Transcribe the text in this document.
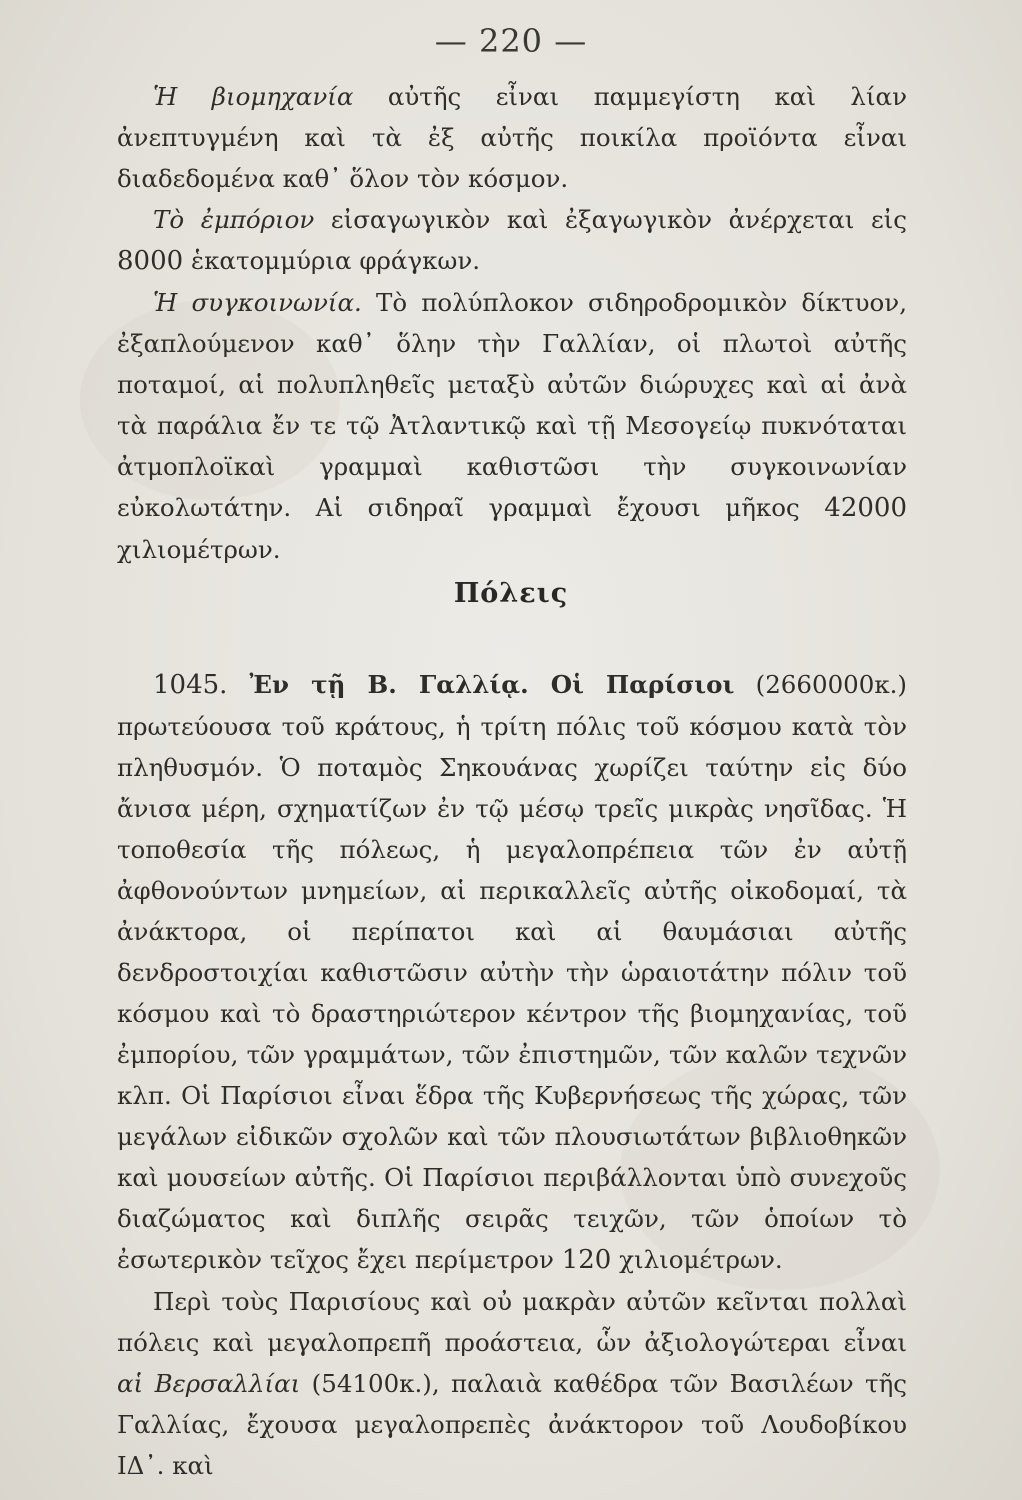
— 220 —

Ἡ βιομηχανία αὐτῆς εἶναι παμμεγίστη καὶ λίαν ἀνεπτυγμένη καὶ τὰ ἐξ αὐτῆς ποικίλα προϊόντα εἶναι διαδεδομένα καθ᾽ ὅλον τὸν κόσμον.

Τὸ ἐμπόριον εἰσαγωγικὸν καὶ ἐξαγωγικὸν ἀνέρχεται εἰς 8000 ἑκατομμύρια φράγκων.

Ἡ συγκοινωνία. Τὸ πολύπλοκον σιδηροδρομικὸν δίκτυον, ἐξαπλούμενον καθ᾽ ὅλην τὴν Γαλλίαν, οἱ πλωτοὶ αὐτῆς ποταμοί, αἱ πολυπληθεῖς μεταξὺ αὐτῶν διώρυχες καὶ αἱ ἀνὰ τὰ παράλια ἔν τε τῷ Ἀτλαντικῷ καὶ τῇ Μεσογείῳ πυκνόταται ἀτμοπλοϊκαὶ γραμμαὶ καθιστῶσι τὴν συγκοινωνίαν εὐκολωτάτην. Αἱ σιδηραῖ γραμμαὶ ἔχουσι μῆκος 42000 χιλιομέτρων.

Πόλεις

1045. Ἐν τῇ Β. Γαλλίᾳ. Οἱ Παρίσιοι (2660000κ.) πρωτεύουσα τοῦ κράτους, ἡ τρίτη πόλις τοῦ κόσμου κατὰ τὸν πληθυσμόν. Ὁ ποταμὸς Σηκουάνας χωρίζει ταύτην εἰς δύο ἄνισα μέρη, σχηματίζων ἐν τῷ μέσῳ τρεῖς μικρὰς νησῖδας. Ἡ τοποθεσία τῆς πόλεως, ἡ μεγαλοπρέπεια τῶν ἐν αὐτῇ ἀφθονούντων μνημείων, αἱ περικαλλεῖς αὐτῆς οἰκοδομαί, τὰ ἀνάκτορα, οἱ περίπατοι καὶ αἱ θαυμάσιαι αὐτῆς δενδροστοιχίαι καθιστῶσιν αὐτὴν τὴν ὡραιοτάτην πόλιν τοῦ κόσμου καὶ τὸ δραστηριώτερον κέντρον τῆς βιομηχανίας, τοῦ ἐμπορίου, τῶν γραμμάτων, τῶν ἐπιστημῶν, τῶν καλῶν τεχνῶν κλπ. Οἱ Παρίσιοι εἶναι ἕδρα τῆς Κυβερνήσεως τῆς χώρας, τῶν μεγάλων εἰδικῶν σχολῶν καὶ τῶν πλουσιωτάτων βιβλιοθηκῶν καὶ μουσείων αὐτῆς. Οἱ Παρίσιοι περιβάλλονται ὑπὸ συνεχοῦς διαζώματος καὶ διπλῆς σειρᾶς τειχῶν, τῶν ὁποίων τὸ ἐσωτερικὸν τεῖχος ἔχει περίμετρον 120 χιλιομέτρων.

Περὶ τοὺς Παρισίους καὶ οὐ μακρὰν αὐτῶν κεῖνται πολλαὶ πόλεις καὶ μεγαλοπρεπῆ προάστεια, ὧν ἀξιολογώτεραι εἶναι αἱ Βερσαλλίαι (54100κ.), παλαιὰ καθέδρα τῶν Βασιλέων τῆς Γαλλίας, ἔχουσα μεγαλοπρεπὲς ἀνάκτορον τοῦ Λουδοβίκου ΙΔ᾽. καὶ
